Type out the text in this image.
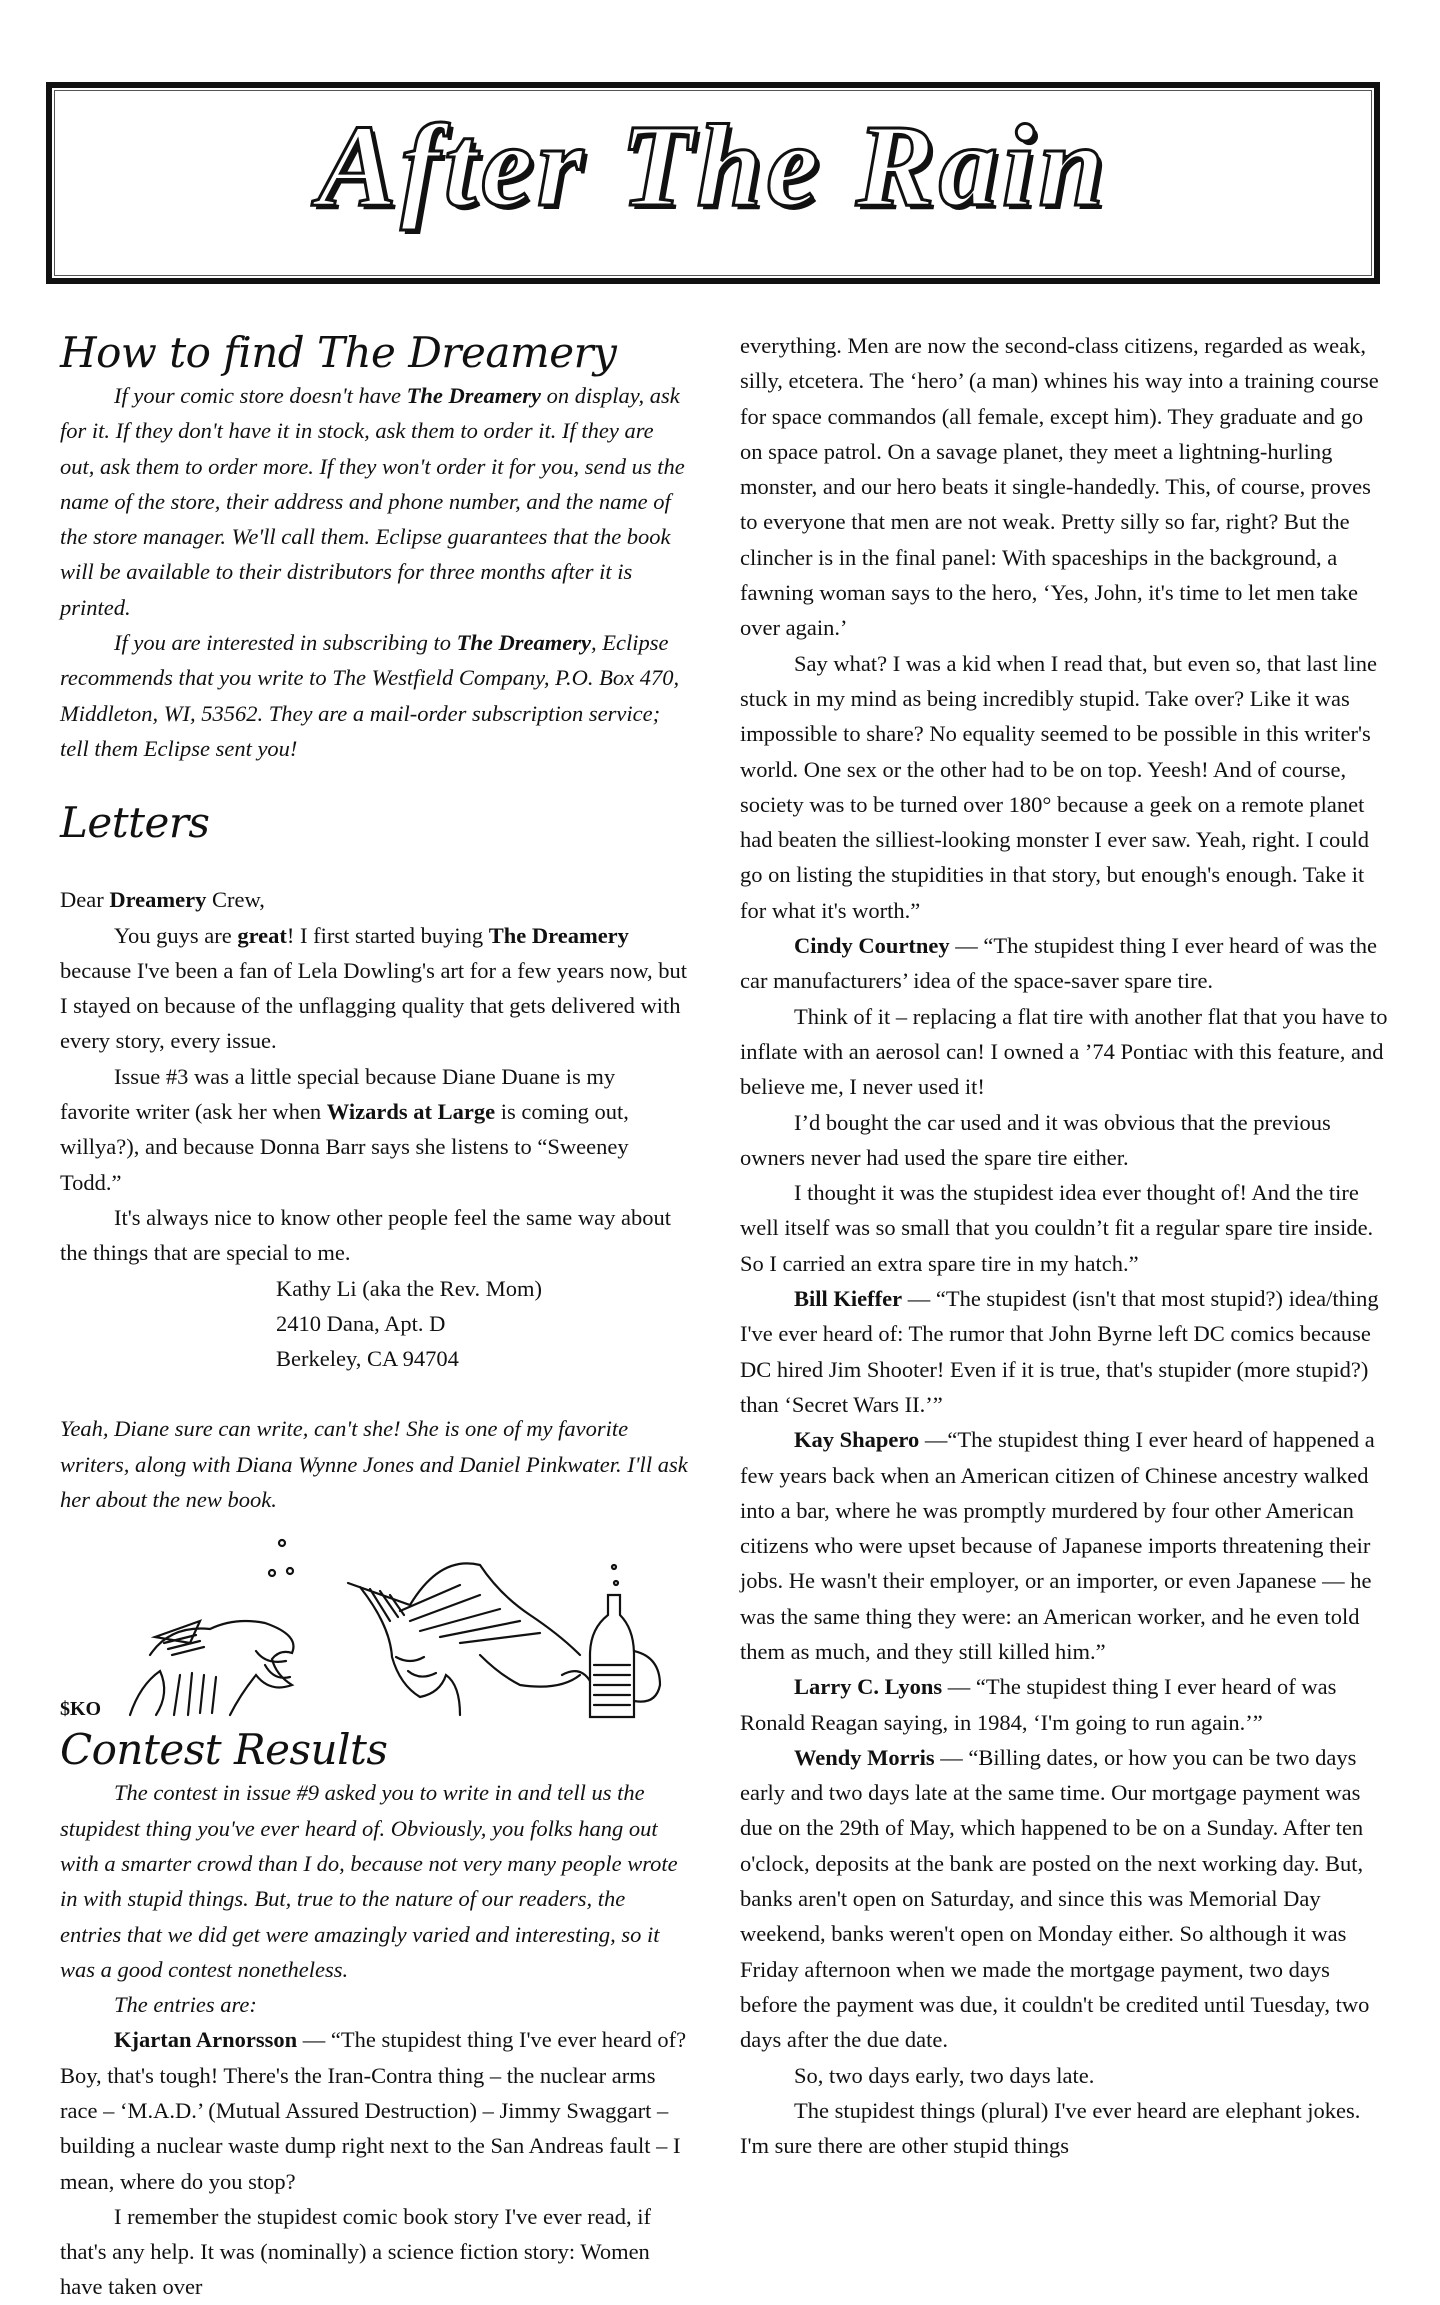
After The Rain
How to find The Dreamery

If your comic store doesn't have The Dreamery on display, ask for it. If they don't have it in stock, ask them to order it. If they are out, ask them to order more. If they won't order it for you, send us the name of the store, their address and phone number, and the name of the store manager. We'll call them. Eclipse guarantees that the book will be available to their distributors for three months after it is printed.

If you are interested in subscribing to The Dreamery, Eclipse recommends that you write to The Westfield Company, P.O. Box 470, Middleton, WI, 53562. They are a mail-order subscription service; tell them Eclipse sent you!

Letters

Dear Dreamery Crew,

You guys are great! I first started buying The Dreamery because I've been a fan of Lela Dowling's art for a few years now, but I stayed on because of the unflagging quality that gets delivered with every story, every issue.

Issue #3 was a little special because Diane Duane is my favorite writer (ask her when Wizards at Large is coming out, willya?), and because Donna Barr says she listens to “Sweeney Todd.”

It's always nice to know other people feel the same way about the things that are special to me.

Kathy Li (aka the Rev. Mom)

2410 Dana, Apt. D

Berkeley, CA 94704

Yeah, Diane sure can write, can't she! She is one of my favorite writers, along with Diana Wynne Jones and Daniel Pinkwater. I'll ask her about the new book.

$KO
Contest Results

The contest in issue #9 asked you to write in and tell us the stupidest thing you've ever heard of. Obviously, you folks hang out with a smarter crowd than I do, because not very many people wrote in with stupid things. But, true to the nature of our readers, the entries that we did get were amazingly varied and interesting, so it was a good contest nonetheless.

The entries are:

Kjartan Arnorsson — “The stupidest thing I've ever heard of? Boy, that's tough! There's the Iran-Contra thing – the nuclear arms race – ‘M.A.D.’ (Mutual Assured Destruction) – Jimmy Swaggart – building a nuclear waste dump right next to the San Andreas fault – I mean, where do you stop?

I remember the stupidest comic book story I've ever read, if that's any help. It was (nominally) a science fiction story: Women have taken over

everything. Men are now the second-class citizens, regarded as weak, silly, etcetera. The ‘hero’ (a man) whines his way into a training course for space commandos (all female, except him). They graduate and go on space patrol. On a savage planet, they meet a lightning-hurling monster, and our hero beats it single-handedly. This, of course, proves to everyone that men are not weak. Pretty silly so far, right? But the clincher is in the final panel: With spaceships in the background, a fawning woman says to the hero, ‘Yes, John, it's time to let men take over again.’

Say what? I was a kid when I read that, but even so, that last line stuck in my mind as being incredibly stupid. Take over? Like it was impossible to share? No equality seemed to be possible in this writer's world. One sex or the other had to be on top. Yeesh! And of course, society was to be turned over 180° because a geek on a remote planet had beaten the silliest-looking monster I ever saw. Yeah, right. I could go on listing the stupidities in that story, but enough's enough. Take it for what it's worth.”

Cindy Courtney — “The stupidest thing I ever heard of was the car manufacturers’ idea of the space-saver spare tire.

Think of it – replacing a flat tire with another flat that you have to inflate with an aerosol can! I owned a ’74 Pontiac with this feature, and believe me, I never used it!

I’d bought the car used and it was obvious that the previous owners never had used the spare tire either.

I thought it was the stupidest idea ever thought of! And the tire well itself was so small that you couldn’t fit a regular spare tire inside. So I carried an extra spare tire in my hatch.”

Bill Kieffer — “The stupidest (isn't that most stupid?) idea/thing I've ever heard of: The rumor that John Byrne left DC comics because DC hired Jim Shooter! Even if it is true, that's stupider (more stupid?) than ‘Secret Wars II.’”

Kay Shapero —“The stupidest thing I ever heard of happened a few years back when an American citizen of Chinese ancestry walked into a bar, where he was promptly murdered by four other American citizens who were upset because of Japanese imports threatening their jobs. He wasn't their employer, or an importer, or even Japanese — he was the same thing they were: an American worker, and he even told them as much, and they still killed him.”

Larry C. Lyons — “The stupidest thing I ever heard of was Ronald Reagan saying, in 1984, ‘I'm going to run again.’”

Wendy Morris — “Billing dates, or how you can be two days early and two days late at the same time. Our mortgage payment was due on the 29th of May, which happened to be on a Sunday. After ten o'clock, deposits at the bank are posted on the next working day. But, banks aren't open on Saturday, and since this was Memorial Day weekend, banks weren't open on Monday either. So although it was Friday afternoon when we made the mortgage payment, two days before the payment was due, it couldn't be credited until Tuesday, two days after the due date.

So, two days early, two days late.

The stupidest things (plural) I've ever heard are elephant jokes. I'm sure there are other stupid things
